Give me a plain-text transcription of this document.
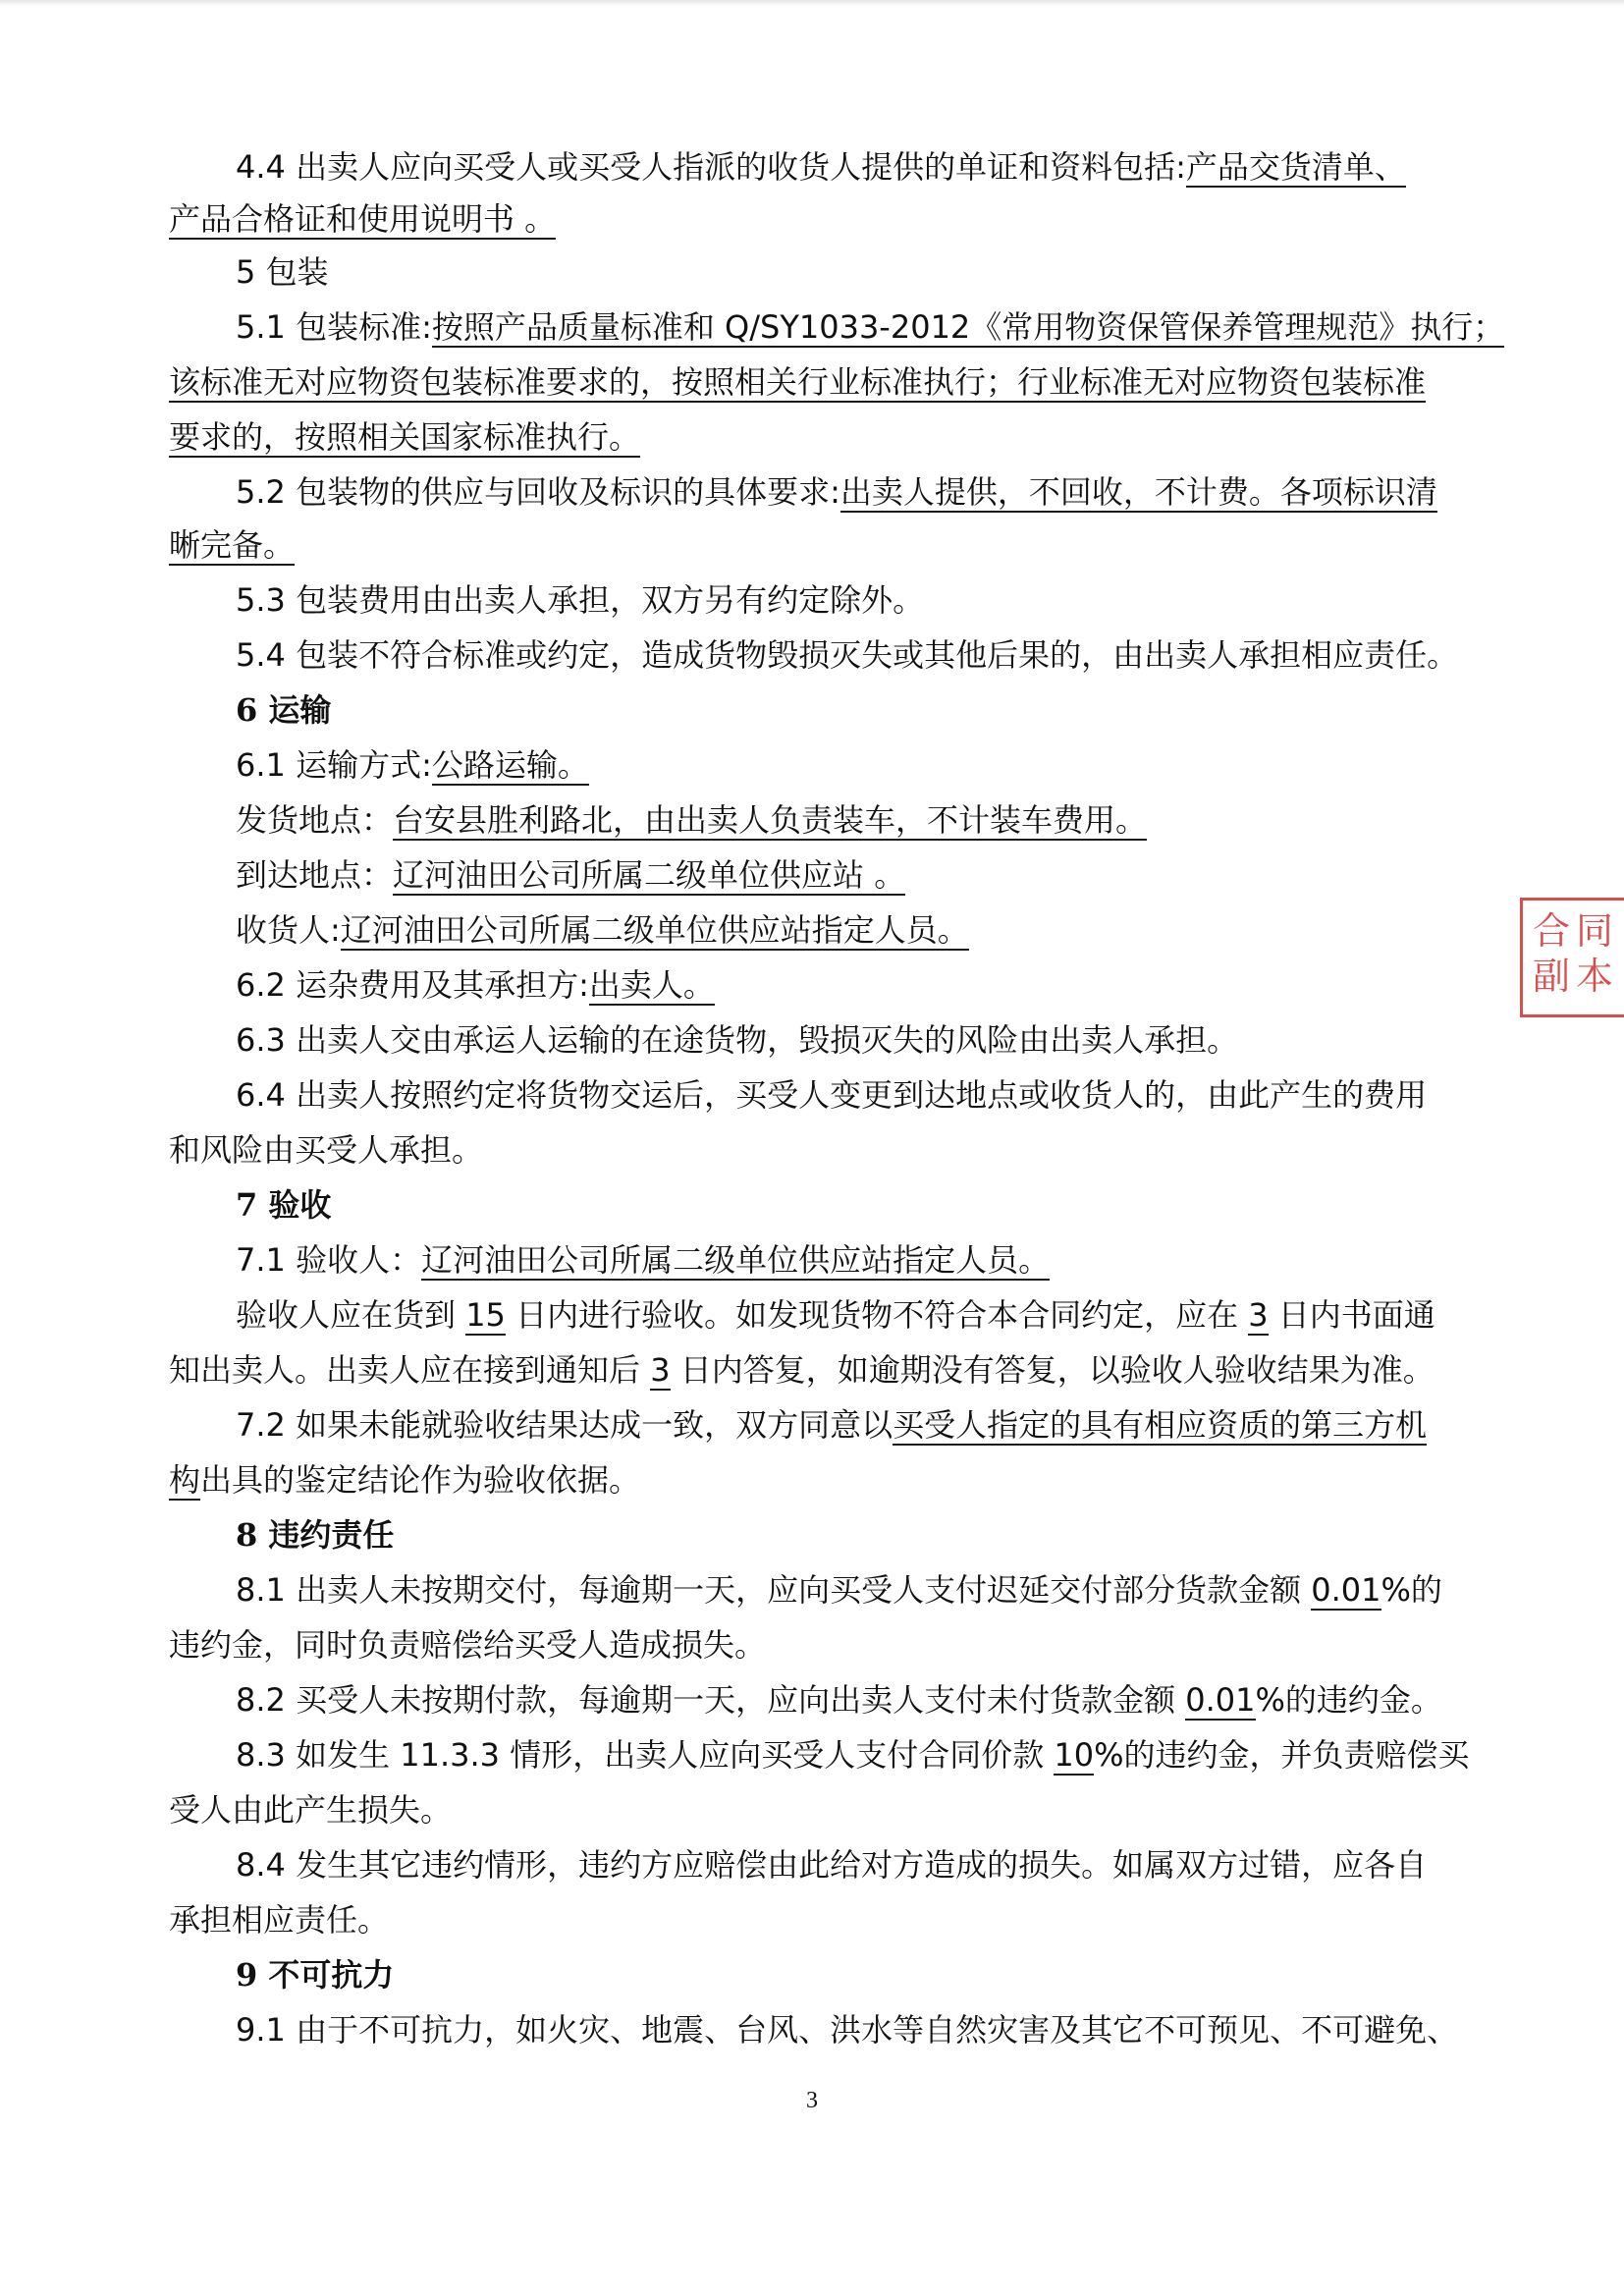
4.4 出卖人应向买受人或买受人指派的收货人提供的单证和资料包括:产品交货清单、
产品合格证和使用说明书 。
5 包装
5.1 包装标准:按照产品质量标准和 Q/SY1033-2012《常用物资保管保养管理规范》执行；
该标准无对应物资包装标准要求的，按照相关行业标准执行；行业标准无对应物资包装标准
要求的，按照相关国家标准执行。
5.2 包装物的供应与回收及标识的具体要求:出卖人提供，不回收，不计费。各项标识清
晰完备。
5.3 包装费用由出卖人承担，双方另有约定除外。
5.4 包装不符合标准或约定，造成货物毁损灭失或其他后果的，由出卖人承担相应责任。
6 运输
6.1 运输方式:公路运输。
发货地点：台安县胜利路北，由出卖人负责装车，不计装车费用。
到达地点：辽河油田公司所属二级单位供应站 。
收货人:辽河油田公司所属二级单位供应站指定人员。
6.2 运杂费用及其承担方:出卖人。
6.3 出卖人交由承运人运输的在途货物，毁损灭失的风险由出卖人承担。
6.4 出卖人按照约定将货物交运后，买受人变更到达地点或收货人的，由此产生的费用
和风险由买受人承担。
7 验收
7.1 验收人：辽河油田公司所属二级单位供应站指定人员。
验收人应在货到 15 日内进行验收。如发现货物不符合本合同约定，应在 3 日内书面通
知出卖人。出卖人应在接到通知后 3 日内答复，如逾期没有答复，以验收人验收结果为准。
7.2 如果未能就验收结果达成一致，双方同意以买受人指定的具有相应资质的第三方机
构出具的鉴定结论作为验收依据。
8 违约责任
8.1 出卖人未按期交付，每逾期一天，应向买受人支付迟延交付部分货款金额 0.01%的
违约金，同时负责赔偿给买受人造成损失。
8.2 买受人未按期付款，每逾期一天，应向出卖人支付未付货款金额 0.01%的违约金。
8.3 如发生 11.3.3 情形，出卖人应向买受人支付合同价款 10%的违约金，并负责赔偿买
受人由此产生损失。
8.4 发生其它违约情形，违约方应赔偿由此给对方造成的损失。如属双方过错，应各自
承担相应责任。
9 不可抗力
9.1 由于不可抗力，如火灾、地震、台风、洪水等自然灾害及其它不可预见、不可避免、
3
合同
副本
